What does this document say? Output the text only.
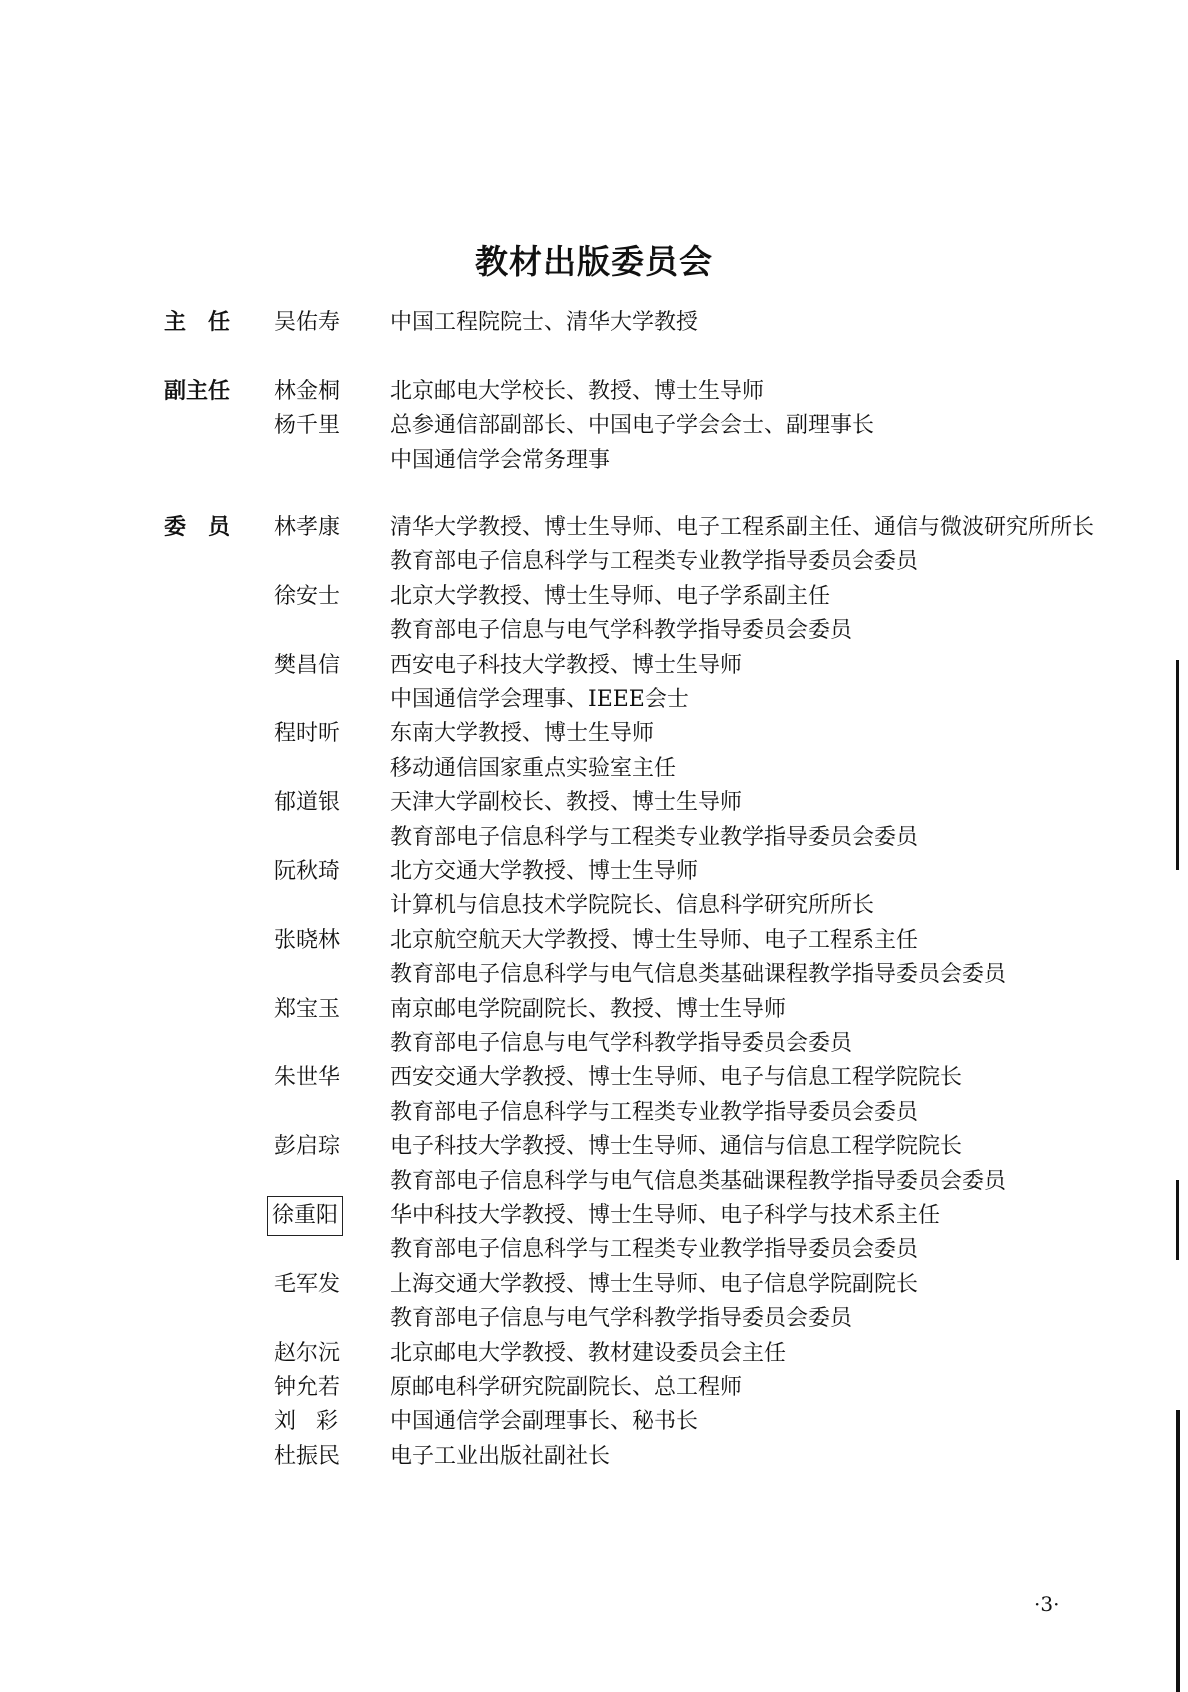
教材出版委员会
主任 吴佑寿 中国工程院院士、清华大学教授
副主任 林金桐 北京邮电大学校长、教授、博士生导师
杨千里 总参通信部副部长、中国电子学会会士、副理事长
中国通信学会常务理事
委员 林孝康 清华大学教授、博士生导师、电子工程系副主任、通信与微波研究所所长
教育部电子信息科学与工程类专业教学指导委员会委员
徐安士 北京大学教授、博士生导师、电子学系副主任
教育部电子信息与电气学科教学指导委员会委员
樊昌信 西安电子科技大学教授、博士生导师
中国通信学会理事、IEEE会士
程时昕 东南大学教授、博士生导师
移动通信国家重点实验室主任
郁道银 天津大学副校长、教授、博士生导师
教育部电子信息科学与工程类专业教学指导委员会委员
阮秋琦 北方交通大学教授、博士生导师
计算机与信息技术学院院长、信息科学研究所所长
张晓林 北京航空航天大学教授、博士生导师、电子工程系主任
教育部电子信息科学与电气信息类基础课程教学指导委员会委员
郑宝玉 南京邮电学院副院长、教授、博士生导师
教育部电子信息与电气学科教学指导委员会委员
朱世华 西安交通大学教授、博士生导师、电子与信息工程学院院长
教育部电子信息科学与工程类专业教学指导委员会委员
彭启琮 电子科技大学教授、博士生导师、通信与信息工程学院院长
教育部电子信息科学与电气信息类基础课程教学指导委员会委员
徐重阳 华中科技大学教授、博士生导师、电子科学与技术系主任
教育部电子信息科学与工程类专业教学指导委员会委员
毛军发 上海交通大学教授、博士生导师、电子信息学院副院长
教育部电子信息与电气学科教学指导委员会委员
赵尔沅 北京邮电大学教授、教材建设委员会主任
钟允若 原邮电科学研究院副院长、总工程师
刘彩 中国通信学会副理事长、秘书长
杜振民 电子工业出版社副社长
·3·
